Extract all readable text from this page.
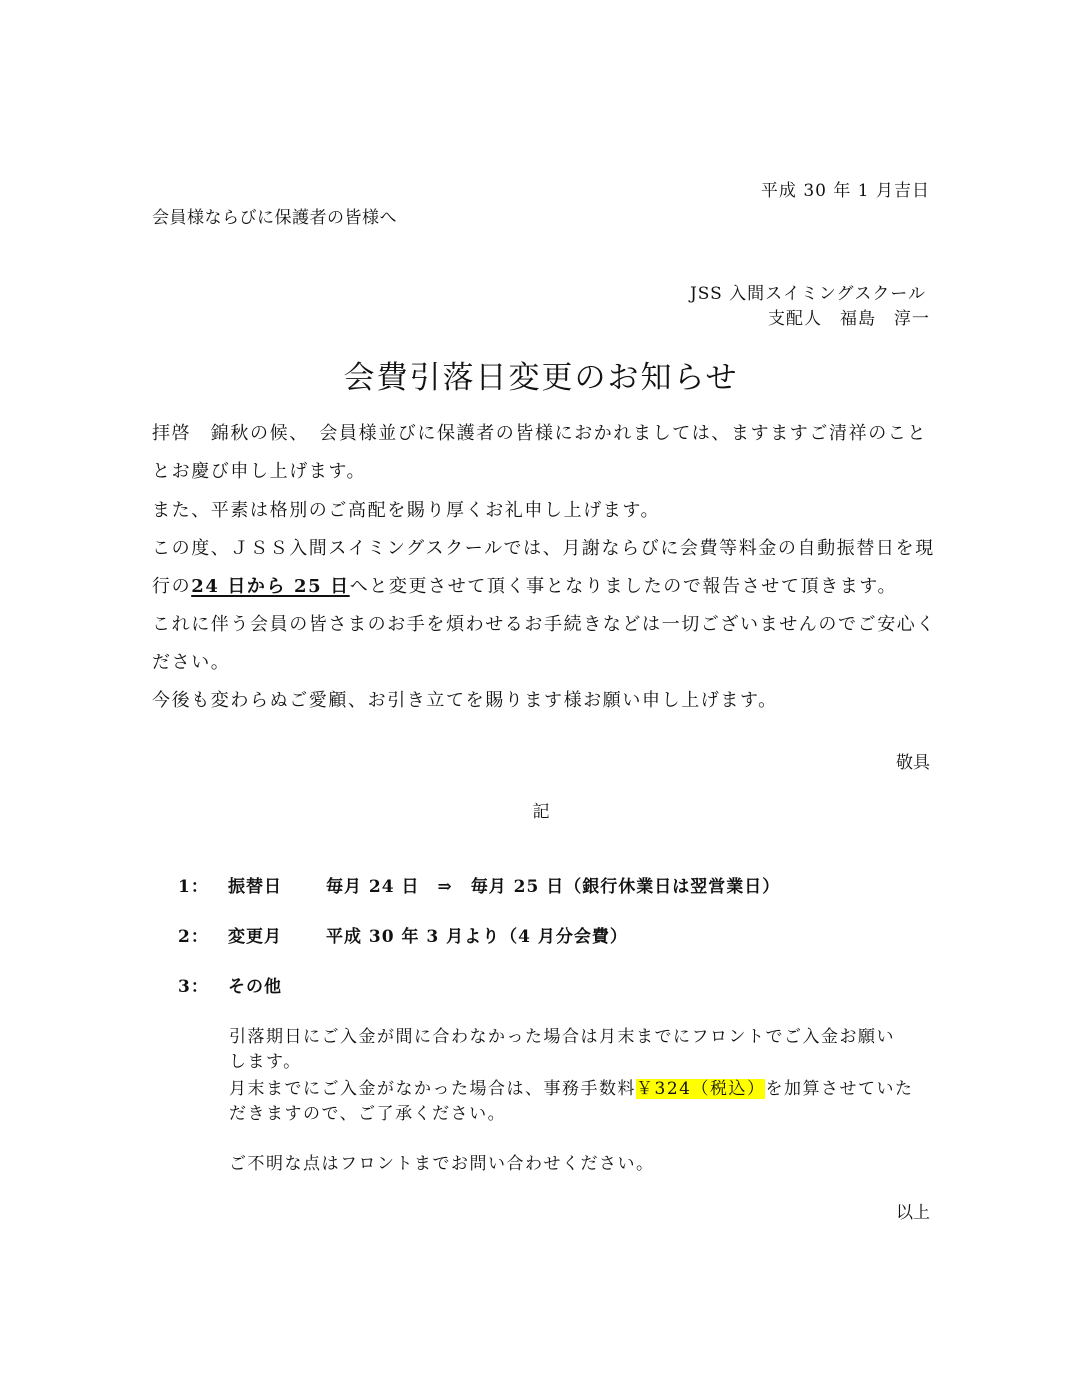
平成 30 年 1 月吉日
会員様ならびに保護者の皆様へ
JSS 入間スイミングスクール
支配人　福島　淳一
会費引落日変更のお知らせ
拝啓　錦秋の候、　会員様並びに保護者の皆様におかれましては、ますますご清祥のこと
とお慶び申し上げます。
また、平素は格別のご高配を賜り厚くお礼申し上げます。
この度、ＪＳＳ入間スイミングスクールでは、月謝ならびに会費等料金の自動振替日を現
行の24 日から 25 日へと変更させて頂く事となりましたので報告させて頂きます。
これに伴う会員の皆さまのお手を煩わせるお手続きなどは一切ございませんのでご安心く
ださい。
今後も変わらぬご愛顧、お引き立てを賜ります様お願い申し上げます。
敬具
記
1： 振替日	毎月 24 日　⇒　毎月 25 日（銀行休業日は翌営業日）
2： 変更月	平成 30 年 3 月より（4 月分会費）
3： その他
引落期日にご入金が間に合わなかった場合は月末までにフロントでご入金お願い
します。
月末までにご入金がなかった場合は、事務手数料￥324（税込）を加算させていた
だきますので、ご了承ください。
ご不明な点はフロントまでお問い合わせください。
以上
